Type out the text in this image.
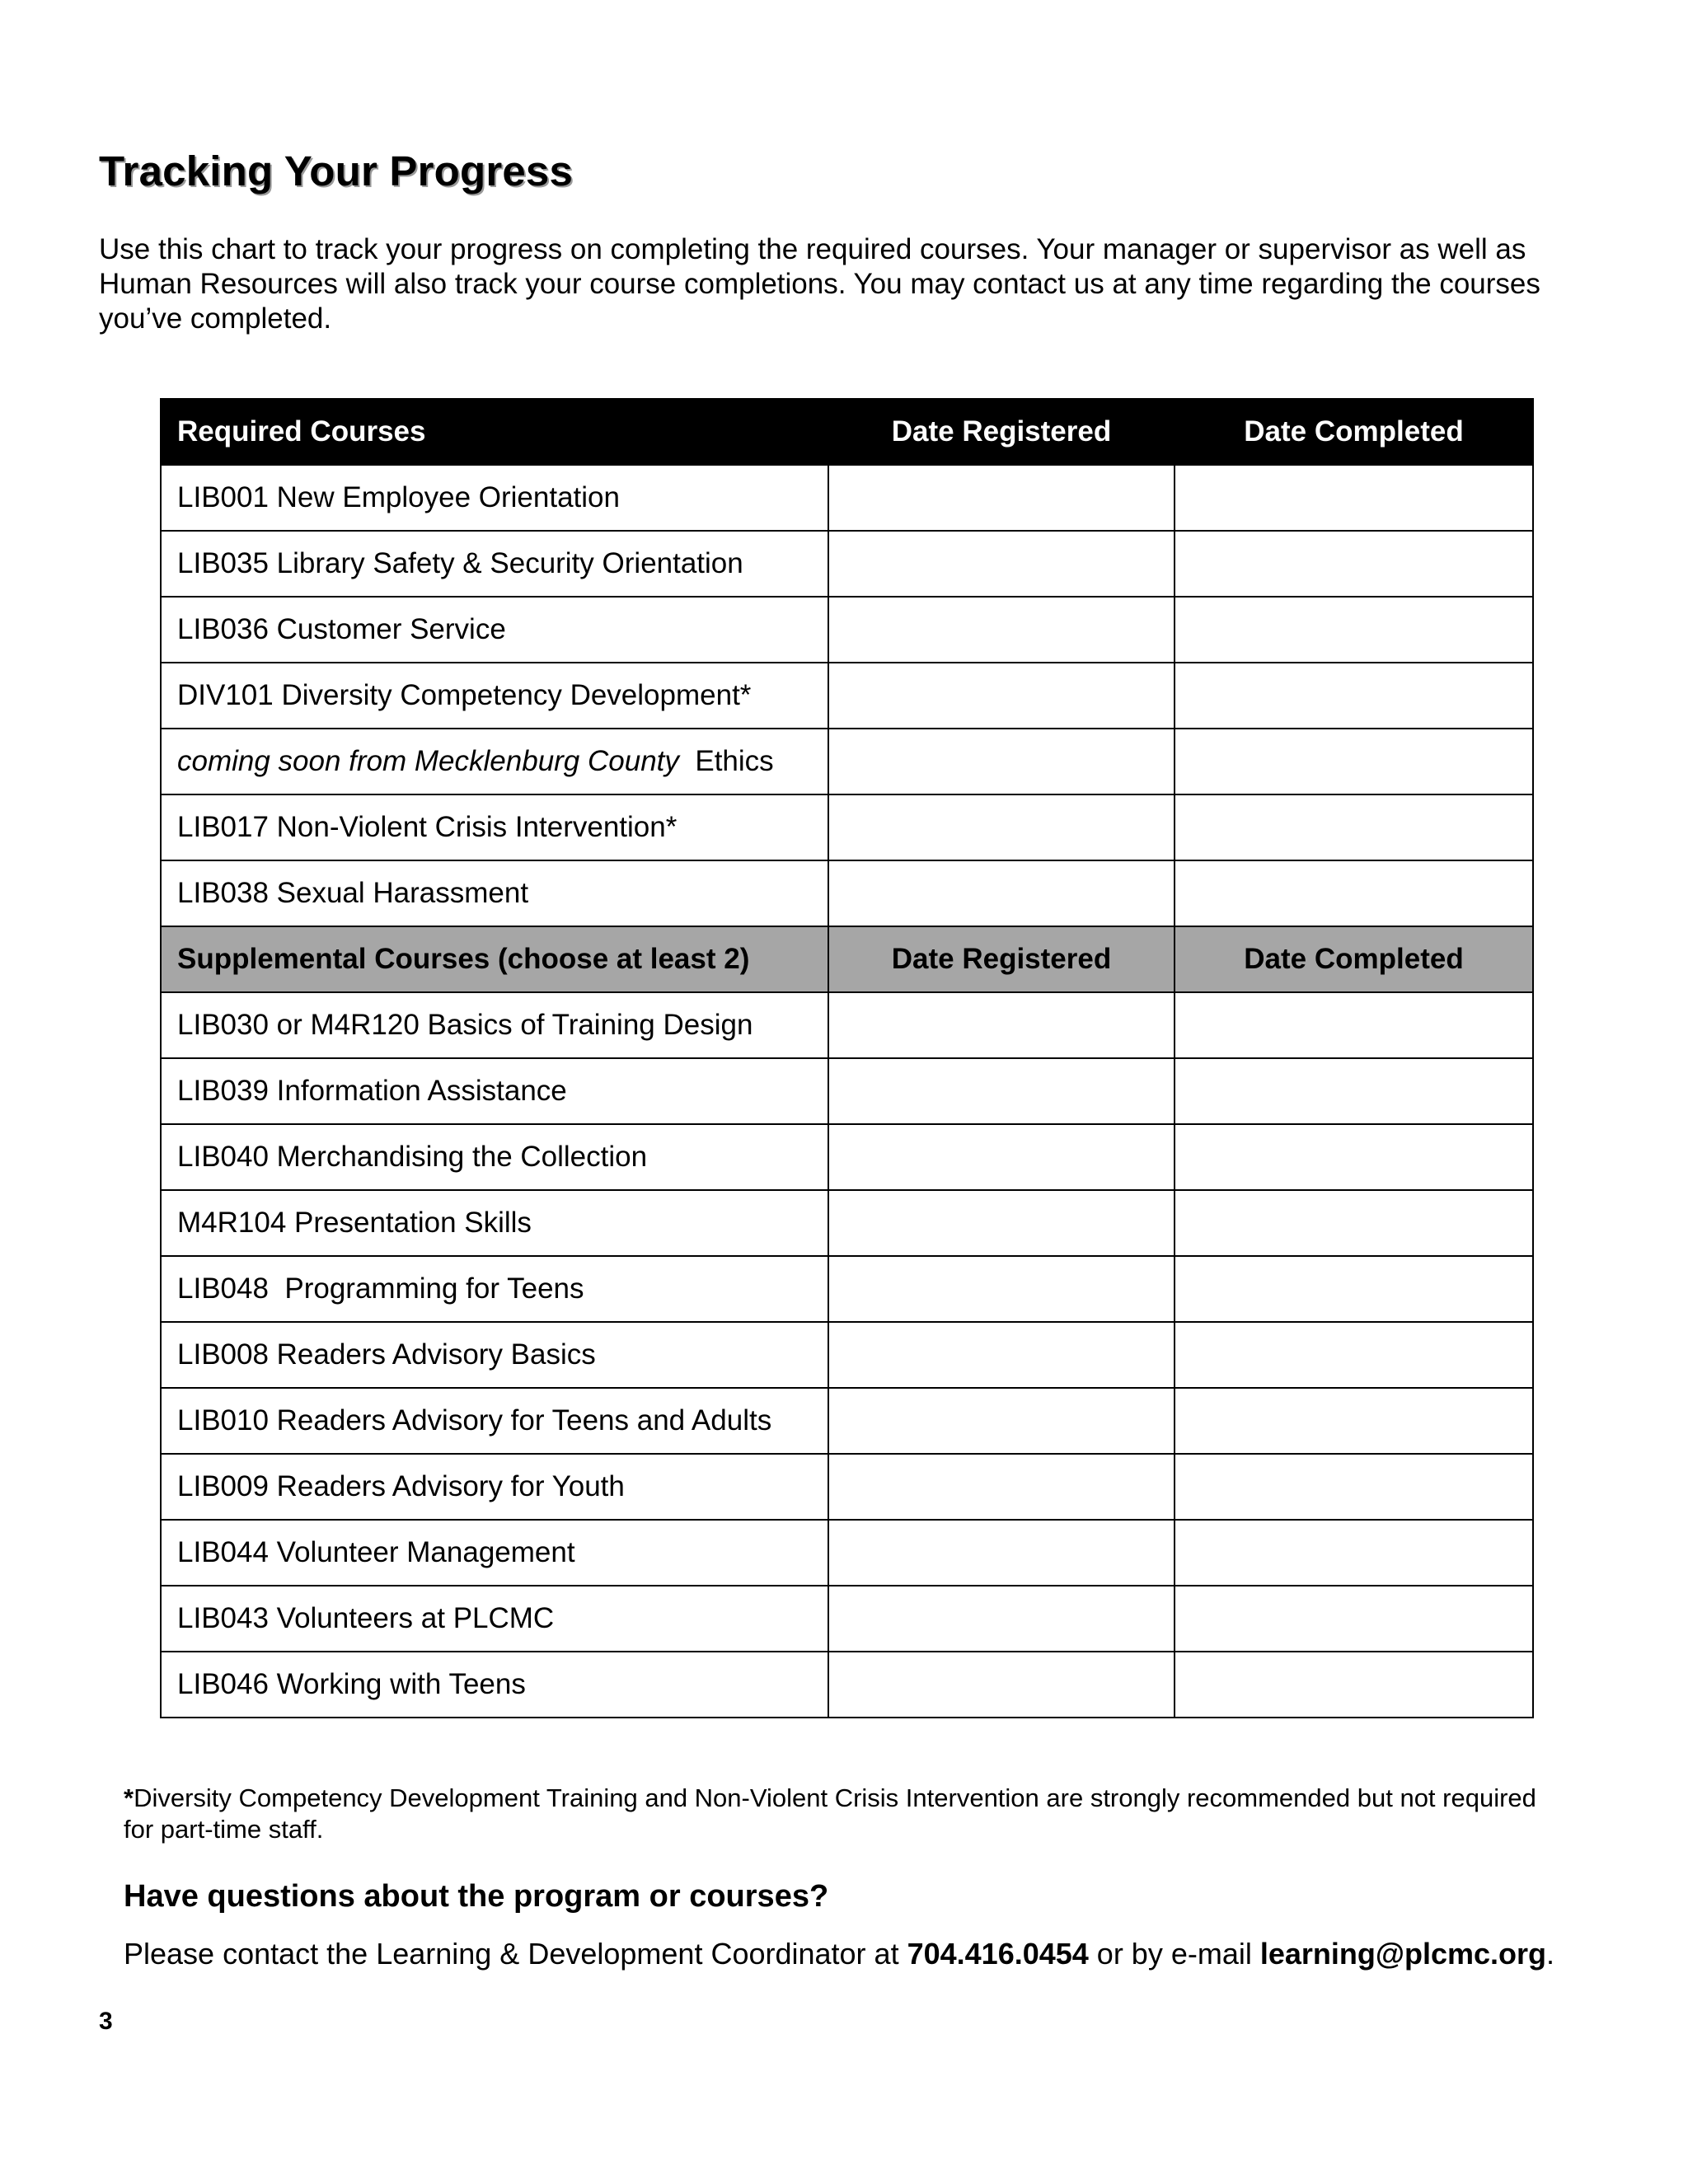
Tracking Your Progress

Use this chart to track your progress on completing the required courses. Your manager or supervisor as well as Human Resources will also track your course completions. You may contact us at any time regarding the courses you’ve completed.

Required Courses	Date Registered	Date Completed
LIB001 New Employee Orientation		
LIB035 Library Safety & Security Orientation		
LIB036 Customer Service		
DIV101 Diversity Competency Development*		
coming soon from Mecklenburg County Ethics		
LIB017 Non-Violent Crisis Intervention*		
LIB038 Sexual Harassment		
Supplemental Courses (choose at least 2)	Date Registered	Date Completed
LIB030 or M4R120 Basics of Training Design		
LIB039 Information Assistance		
LIB040 Merchandising the Collection		
M4R104 Presentation Skills		
LIB048  Programming for Teens		
LIB008 Readers Advisory Basics		
LIB010 Readers Advisory for Teens and Adults		
LIB009 Readers Advisory for Youth		
LIB044 Volunteer Management		
LIB043 Volunteers at PLCMC		
LIB046 Working with Teens		

*Diversity Competency Development Training and Non-Violent Crisis Intervention are strongly recommended but not required for part-time staff.

Have questions about the program or courses?

Please contact the Learning & Development Coordinator at 704.416.0454 or by e-mail learning@plcmc.org.

3
